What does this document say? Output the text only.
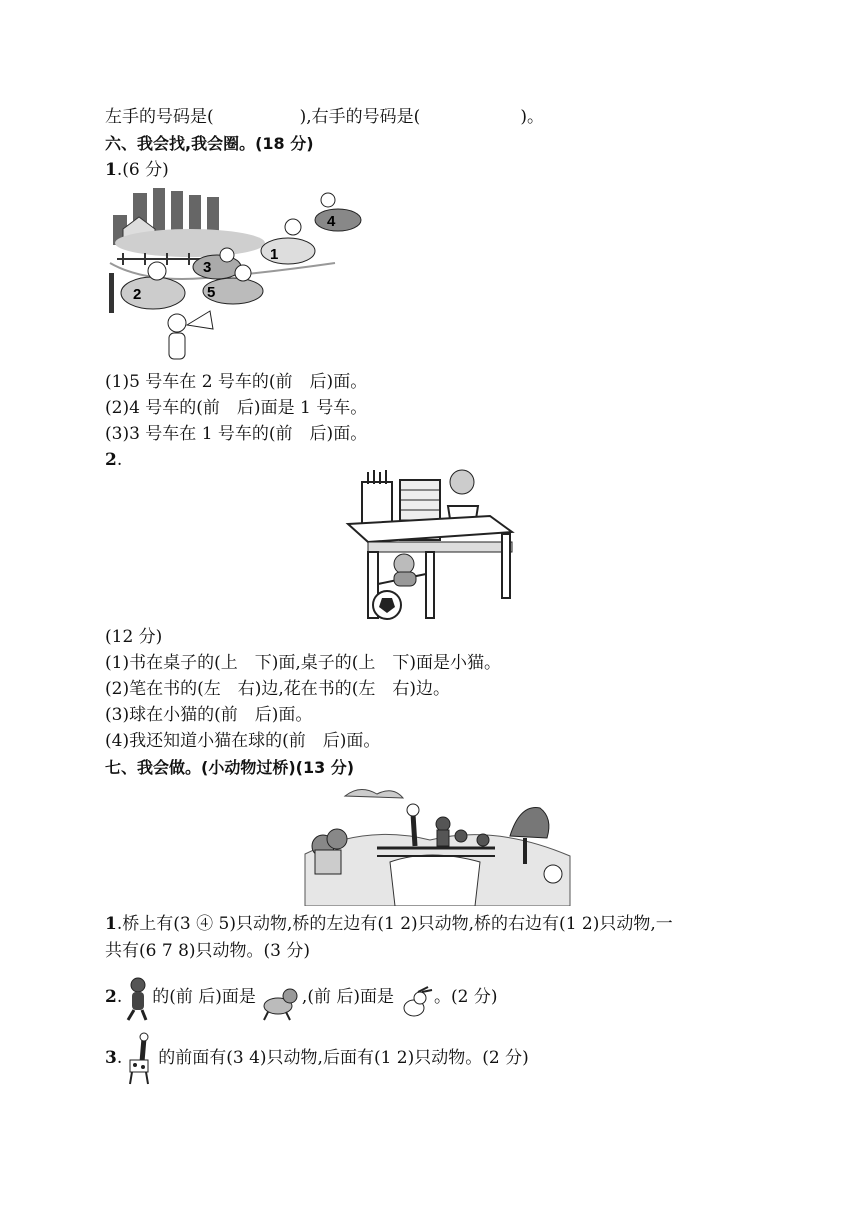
左手的号码是(	),右手的号码是(	)。
六、我会找,我会圈。(18 分)
1.(6 分)
4
1
3
5
2
(1)5 号车在 2 号车的(前　后)面。
(2)4 号车的(前　后)面是 1 号车。
(3)3 号车在 1 号车的(前　后)面。
2.
(12 分)
(1)书在桌子的(上　下)面,桌子的(上　下)面是小猫。
(2)笔在书的(左　右)边,花在书的(左　右)边。
(3)球在小猫的(前　后)面。
(4)我还知道小猫在球的(前　后)面。
七、我会做。(小动物过桥)(13 分)
1.桥上有(3 ④ 5)只动物,桥的左边有(1 2)只动物,桥的右边有(1 2)只动物,一
共有(6 7 8)只动物。(3 分)
2. 的(前 后)面是	,(前 后)面是 。(2 分)
3. 的前面有(3 4)只动物,后面有(1 2)只动物。(2 分)
